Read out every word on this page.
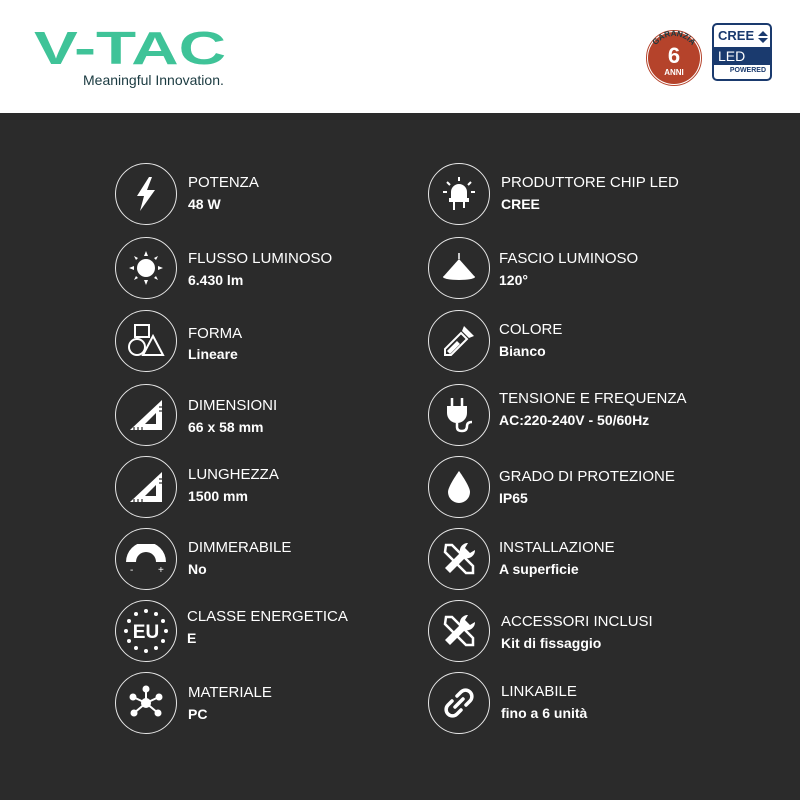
V-TAC
Meaningful Innovation.
GARANZIA
6
ANNI
CREE
LED
POWERED
POTENZA
48 W
PRODUTTORE CHIP LED
CREE
FLUSSO LUMINOSO
6.430 lm
FASCIO LUMINOSO
120°
FORMA
Lineare
COLORE
Bianco
DIMENSIONI
66 x 58 mm
TENSIONE E FREQUENZA
AC:220-240V - 50/60Hz
LUNGHEZZA
1500 mm
GRADO DI PROTEZIONE
IP65
- +
DIMMERABILE
No
INSTALLAZIONE
A superficie
EU
CLASSE ENERGETICA
E
ACCESSORI INCLUSI
Kit di fissaggio
MATERIALE
PC
LINKABILE
fino a 6 unità
